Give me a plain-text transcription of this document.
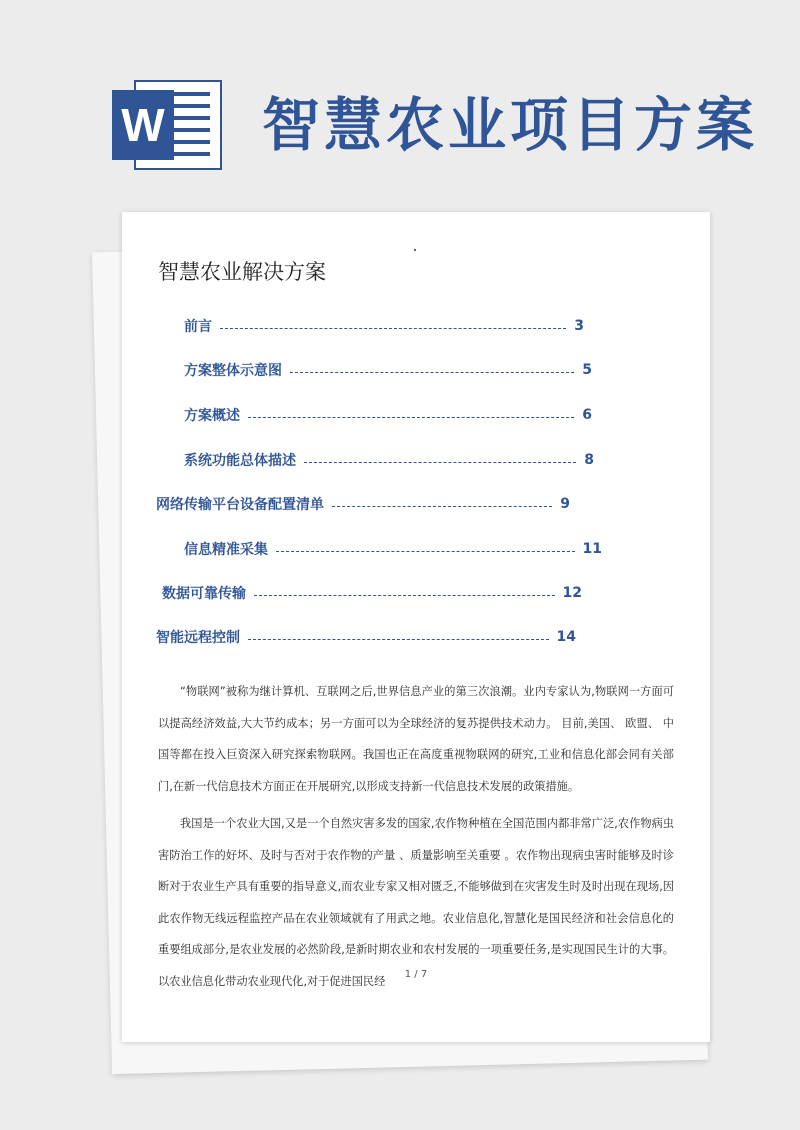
W 智慧农业项目方案
智慧农业解决方案
前言	3
方案整体示意图	5
方案概述	6
系统功能总体描述	8
网络传输平台设备配置清单	9
信息精准采集	11
数据可靠传输	12
智能远程控制	14
“物联网”被称为继计算机、互联网之后,世界信息产业的第三次浪潮。业内专家认为,物联网一方面可以提高经济效益,大大节约成本；另一方面可以为全球经济的复苏提供技术动力。 目前,美国、 欧盟、 中国等都在投入巨资深入研究探索物联网。我国也正在高度重视物联网的研究,工业和信息化部会同有关部门,在新一代信息技术方面正在开展研究,以形成支持新一代信息技术发展的政策措施。
我国是一个农业大国,又是一个自然灾害多发的国家,农作物种植在全国范围内都非常广泛,农作物病虫害防治工作的好坏、及时与否对于农作物的产量 、质量影响至关重要 。农作物出现病虫害时能够及时诊断对于农业生产具有重要的指导意义,而农业专家又相对匮乏,不能够做到在灾害发生时及时出现在现场,因此农作物无线远程监控产品在农业领域就有了用武之地。农业信息化,智慧化是国民经济和社会信息化的重要组成部分,是农业发展的必然阶段,是新时期农业和农村发展的一项重要任务,是实现国民生计的大事。 以农业信息化带动农业现代化,对于促进国民经	1 / 7
